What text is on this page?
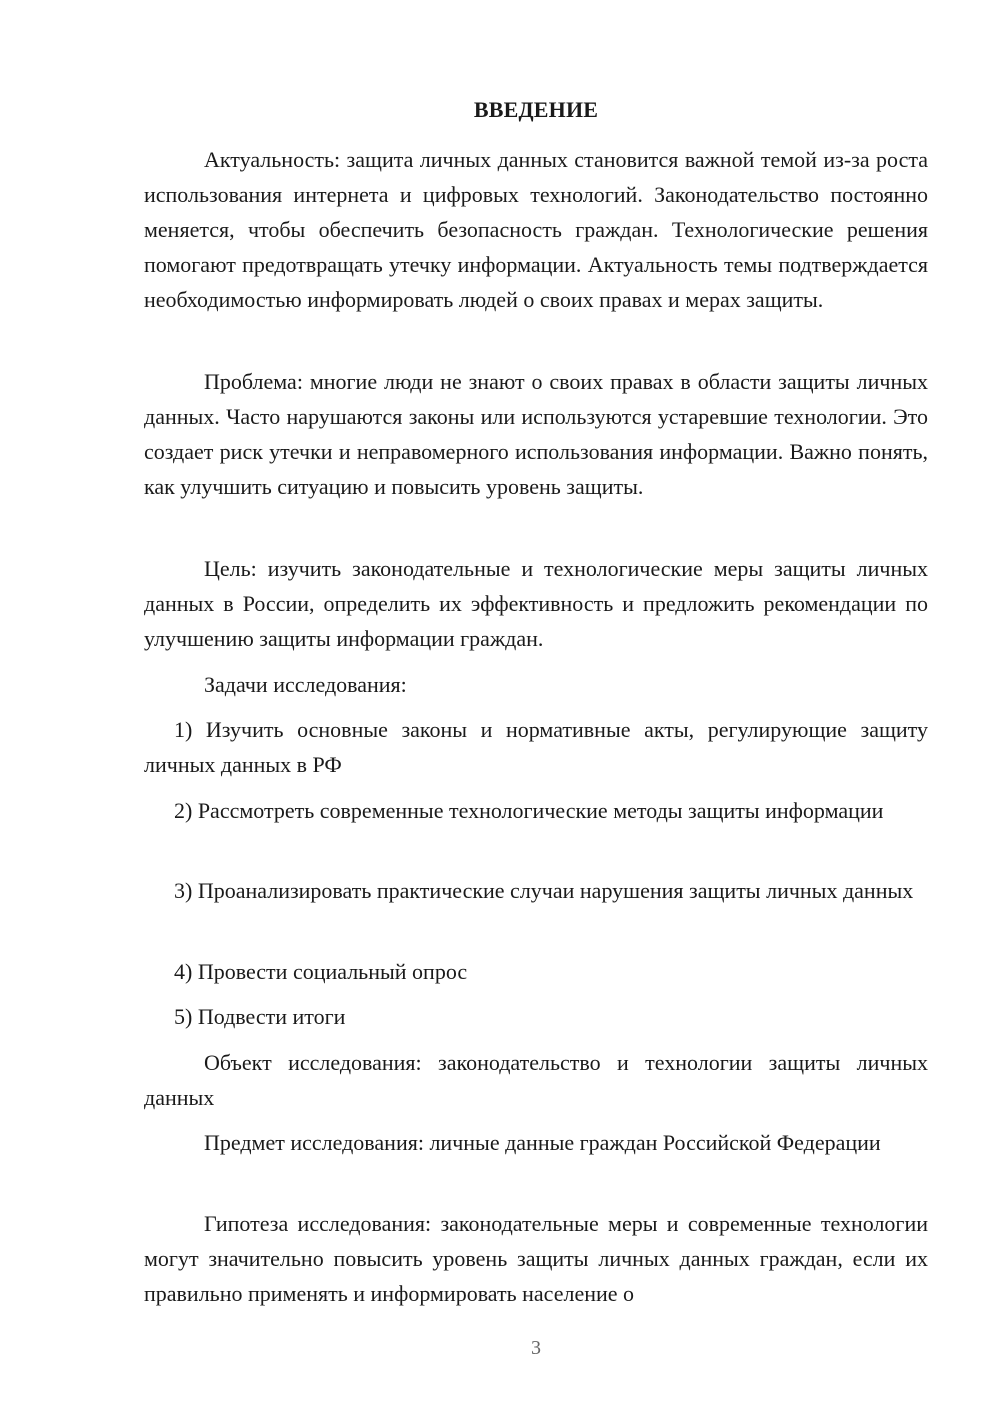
ВВЕДЕНИЕ

Актуальность: защита личных данных становится важной темой из-за роста использования интернета и цифровых технологий. Законодательство постоянно меняется, чтобы обеспечить безопасность граждан. Технологические решения помогают предотвращать утечку информации. Актуальность темы подтверждается необходимостью информировать людей о своих правах и мерах защиты.

Проблема: многие люди не знают о своих правах в области защиты личных данных. Часто нарушаются законы или используются устаревшие технологии. Это создает риск утечки и неправомерного использования информации. Важно понять, как улучшить ситуацию и повысить уровень защиты.

Цель: изучить законодательные и технологические меры защиты личных данных в России, определить их эффективность и предложить рекомендации по улучшению защиты информации граждан.

Задачи исследования:

1) Изучить основные законы и нормативные акты, регулирующие защиту личных данных в РФ

2) Рассмотреть современные технологические методы защиты информации

3) Проанализировать практические случаи нарушения защиты личных данных

4) Провести социальный опрос

5) Подвести итоги

Объект исследования: законодательство и технологии защиты личных данных

Предмет исследования: личные данные граждан Российской Федерации

Гипотеза исследования: законодательные меры и современные технологии могут значительно повысить уровень защиты личных данных граждан, если их правильно применять и информировать население о

3
